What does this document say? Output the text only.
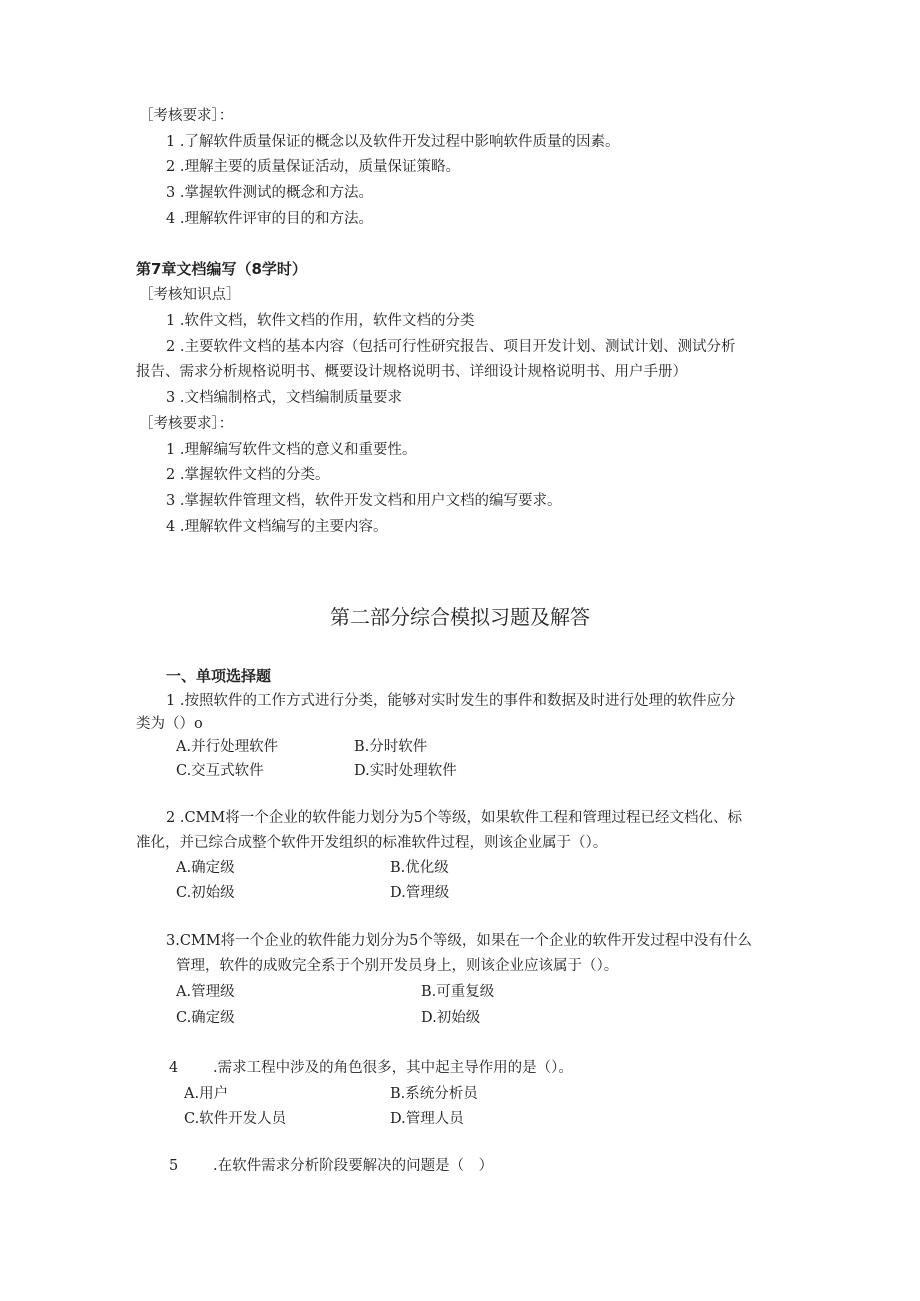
［考核要求］：
1 .了解软件质量保证的概念以及软件开发过程中影响软件质量的因素。
2 .理解主要的质量保证活动，质量保证策略。
3 .掌握软件测试的概念和方法。
4 .理解软件评审的目的和方法。
第7章文档编写（8学时）
［考核知识点］
1 .软件文档，软件文档的作用，软件文档的分类
2 .主要软件文档的基本内容（包括可行性研究报告、项目开发计划、测试计划、测试分析
报告、需求分析规格说明书、概要设计规格说明书、详细设计规格说明书、用户手册）
3 .文档编制格式，文档编制质量要求
［考核要求］：
1 .理解编写软件文档的意义和重要性。
2 .掌握软件文档的分类。
3 .掌握软件管理文档，软件开发文档和用户文档的编写要求。
4 .理解软件文档编写的主要内容。
第二部分综合模拟习题及解答
一、单项选择题
1 .按照软件的工作方式进行分类，能够对实时发生的事件和数据及时进行处理的软件应分
类为（）o
A.并行处理软件	B.分时软件
C.交互式软件	D.实时处理软件
2 .CMM将一个企业的软件能力划分为5个等级，如果软件工程和管理过程已经文档化、标
准化，并已综合成整个软件开发组织的标准软件过程，则该企业属于（）。
A.确定级	B.优化级
C.初始级	D.管理级
3.CMM将一个企业的软件能力划分为5个等级，如果在一个企业的软件开发过程中没有什么
管理，软件的成败完全系于个别开发员身上，则该企业应该属于（）。
A.管理级	B.可重复级
C.确定级	D.初始级
4 .需求工程中涉及的角色很多，其中起主导作用的是（）。
A.用户	B.系统分析员
C.软件开发人员	D.管理人员
5 .在软件需求分析阶段要解决的问题是（　）
